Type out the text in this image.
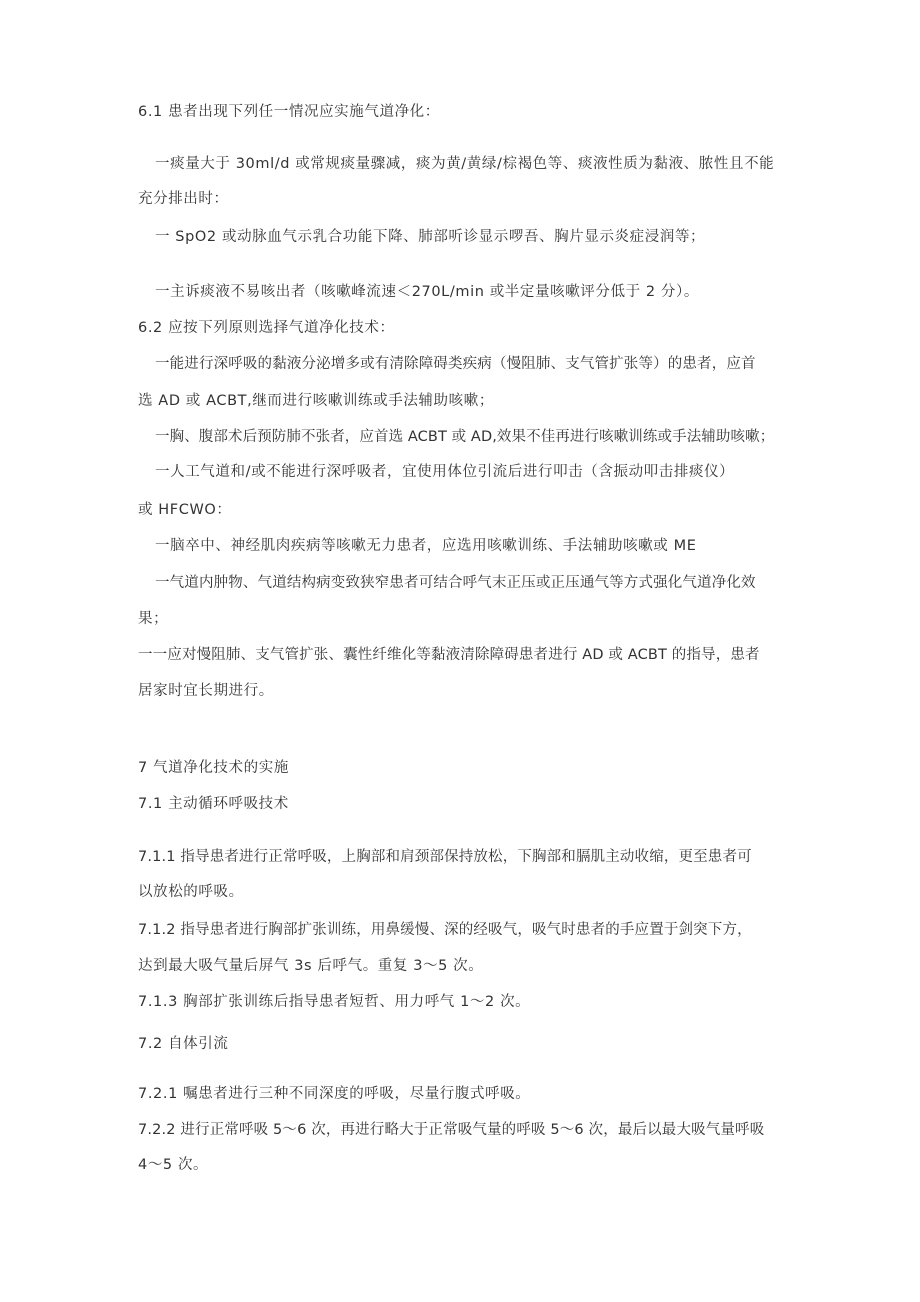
6.1 患者出现下列任一情况应实施气道净化：

一痰量大于 30ml/d 或常规痰量骤减，痰为黄/黄绿/棕褐色等、痰液性质为黏液、脓性且不能

充分排出时：

一 SpO2 或动脉血气示乳合功能下降、肺部听诊显示啰吾、胸片显示炎症浸润等；

一主诉痰液不易咳出者（咳嗽峰流速＜270L/min 或半定量咳嗽评分低于 2 分）。

6.2 应按下列原则选择气道净化技术：

一能进行深呼吸的黏液分泌增多或有清除障碍类疾病（慢阻肺、支气管扩张等）的患者，应首

选 AD 或 ACBT,继而进行咳嗽训练或手法辅助咳嗽；

一胸、腹部术后预防肺不张者，应首选 ACBT 或 AD,效果不佳再进行咳嗽训练或手法辅助咳嗽；

一人工气道和/或不能进行深呼吸者，宜使用体位引流后进行叩击（含振动叩击排痰仪）

或 HFCWO：

一脑卒中、神经肌肉疾病等咳嗽无力患者，应选用咳嗽训练、手法辅助咳嗽或 ME

一气道内肿物、气道结构病变致狭窄患者可结合呼气末正压或正压通气等方式强化气道净化效

果；

一一应对慢阻肺、支气管扩张、囊性纤维化等黏液清除障碍患者进行 AD 或 ACBT 的指导，患者

居家时宜长期进行。

7 气道净化技术的实施

7.1 主动循环呼吸技术

7.1.1 指导患者进行正常呼吸，上胸部和肩颈部保持放松，下胸部和膈肌主动收缩，更至患者可

以放松的呼吸。

7.1.2 指导患者进行胸部扩张训练，用鼻缓慢、深的经吸气，吸气时患者的手应置于剑突下方，

达到最大吸气量后屏气 3s 后呼气。重复 3～5 次。

7.1.3 胸部扩张训练后指导患者短哲、用力呼气 1～2 次。

7.2 自体引流

7.2.1 嘱患者进行三种不同深度的呼吸，尽量行腹式呼吸。

7.2.2 进行正常呼吸 5～6 次，再进行略大于正常吸气量的呼吸 5～6 次，最后以最大吸气量呼吸

4～5 次。
